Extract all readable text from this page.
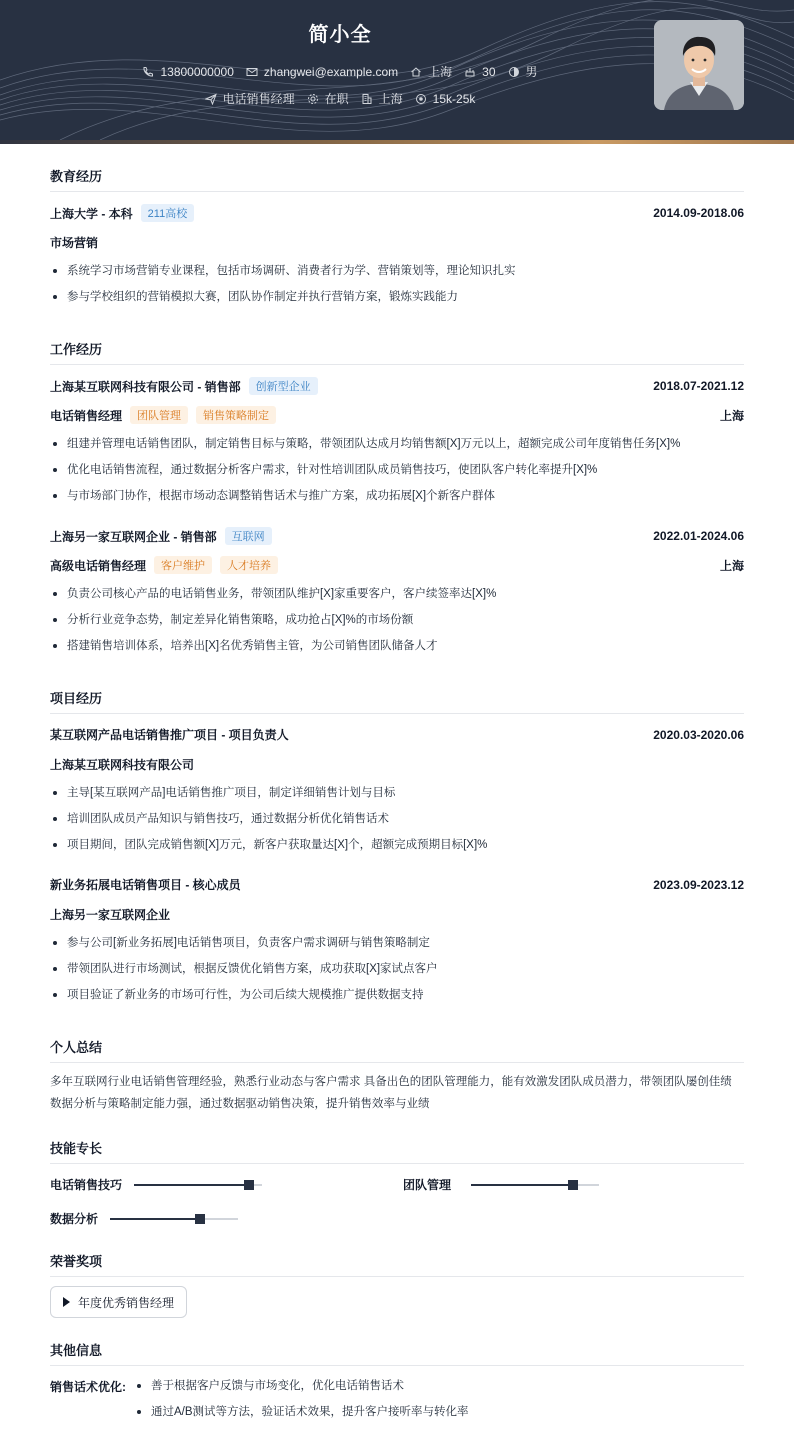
简小全
13800000000	zhangwei@example.com	上海	30	男
电话销售经理	在职	上海	15k-25k
教育经历
上海大学 - 本科	211高校	2014.09-2018.06
市场营销
系统学习市场营销专业课程，包括市场调研、消费者行为学、营销策划等，理论知识扎实
参与学校组织的营销模拟大赛，团队协作制定并执行营销方案，锻炼实践能力
工作经历
上海某互联网科技有限公司 - 销售部	创新型企业	2018.07-2021.12
电话销售经理	团队管理	销售策略制定	上海
组建并管理电话销售团队，制定销售目标与策略，带领团队达成月均销售额[X]万元以上，超额完成公司年度销售任务[X]%
优化电话销售流程，通过数据分析客户需求，针对性培训团队成员销售技巧，使团队客户转化率提升[X]%
与市场部门协作，根据市场动态调整销售话术与推广方案，成功拓展[X]个新客户群体
上海另一家互联网企业 - 销售部	互联网	2022.01-2024.06
高级电话销售经理	客户维护	人才培养	上海
负责公司核心产品的电话销售业务，带领团队维护[X]家重要客户，客户续签率达[X]%
分析行业竞争态势，制定差异化销售策略，成功抢占[X]%的市场份额
搭建销售培训体系，培养出[X]名优秀销售主管，为公司销售团队储备人才
项目经历
某互联网产品电话销售推广项目 - 项目负责人	2020.03-2020.06
上海某互联网科技有限公司
主导[某互联网产品]电话销售推广项目，制定详细销售计划与目标
培训团队成员产品知识与销售技巧，通过数据分析优化销售话术
项目期间，团队完成销售额[X]万元，新客户获取量达[X]个，超额完成预期目标[X]%
新业务拓展电话销售项目 - 核心成员	2023.09-2023.12
上海另一家互联网企业
参与公司[新业务拓展]电话销售项目，负责客户需求调研与销售策略制定
带领团队进行市场测试，根据反馈优化销售方案，成功获取[X]家试点客户
项目验证了新业务的市场可行性，为公司后续大规模推广提供数据支持
个人总结
多年互联网行业电话销售管理经验，熟悉行业动态与客户需求 具备出色的团队管理能力，能有效激发团队成员潜力，带领团队屡创佳绩 数据分析与策略制定能力强，通过数据驱动销售决策，提升销售效率与业绩
技能专长
电话销售技巧	团队管理
数据分析
荣誉奖项
年度优秀销售经理
其他信息
销售话术优化:	善于根据客户反馈与市场变化，优化电话销售话术
通过A/B测试等方法，验证话术效果，提升客户接听率与转化率
